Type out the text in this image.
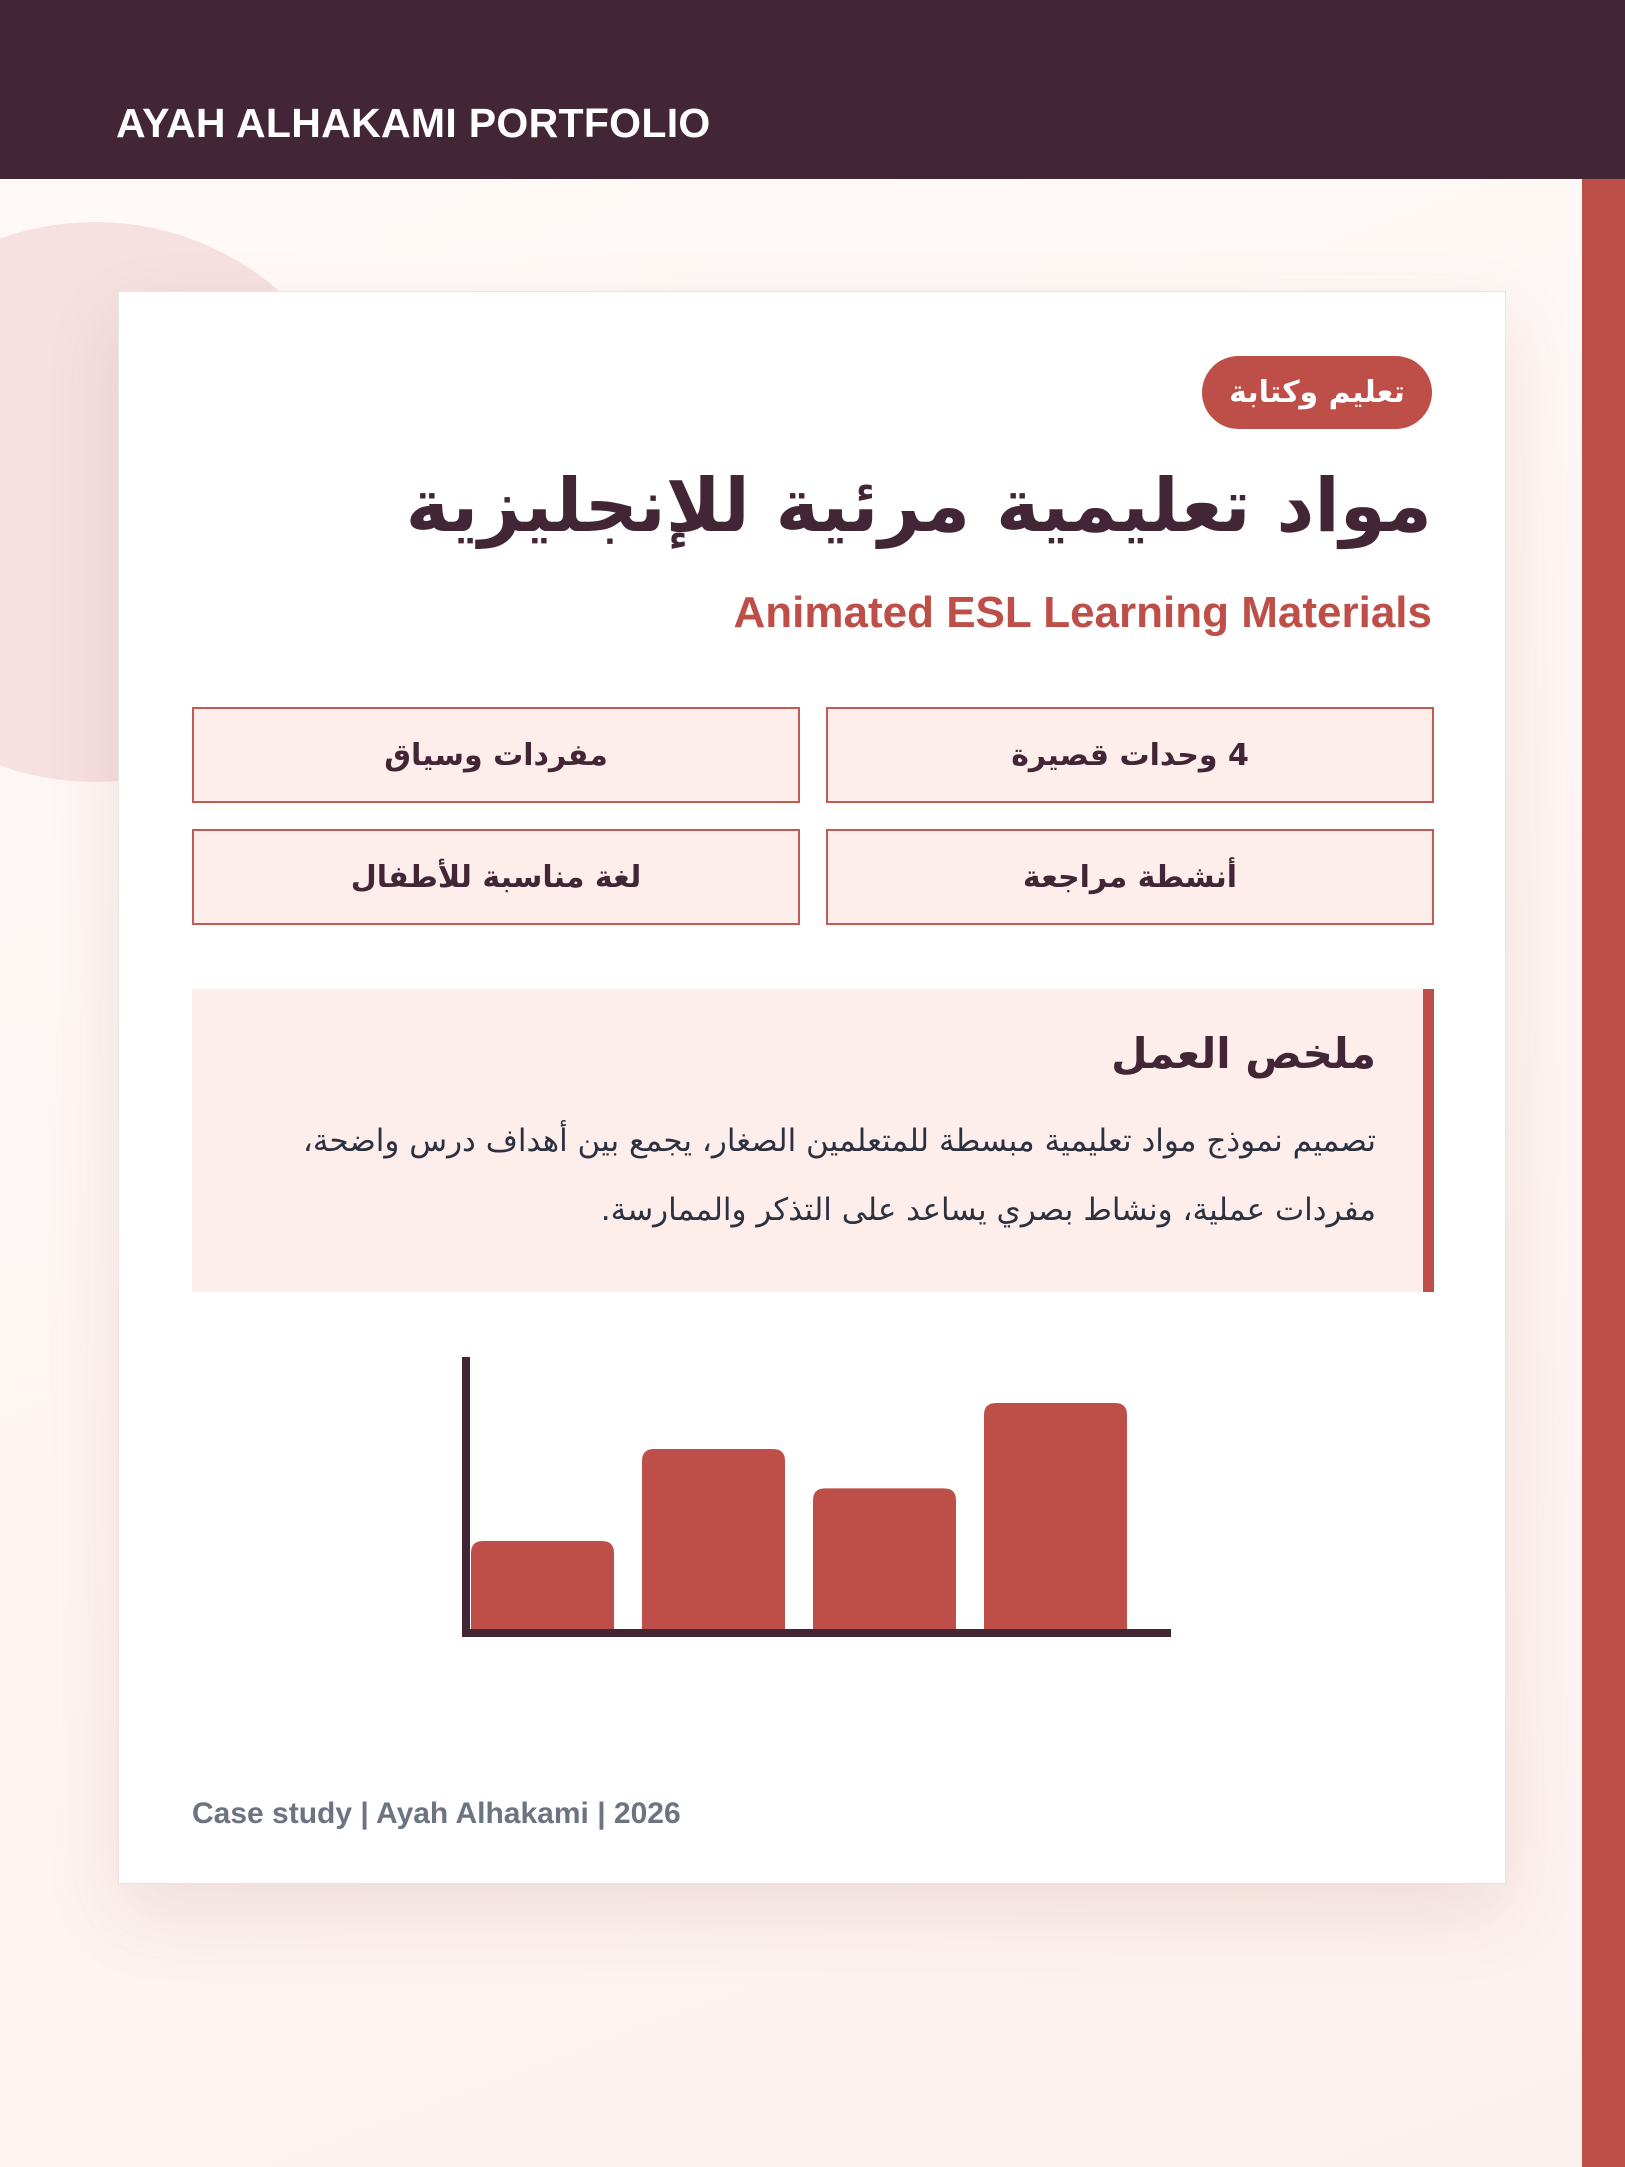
AYAH ALHAKAMI PORTFOLIO
تعليم وكتابة
مواد تعليمية مرئية للإنجليزية
Animated ESL Learning Materials
4 وحدات قصيرة
مفردات وسياق
أنشطة مراجعة
لغة مناسبة للأطفال
ملخص العمل
تصميم نموذج مواد تعليمية مبسطة للمتعلمين الصغار، يجمع بين أهداف درس واضحة، مفردات عملية، ونشاط بصري يساعد على التذكر والممارسة.
Case study | Ayah Alhakami | 2026
